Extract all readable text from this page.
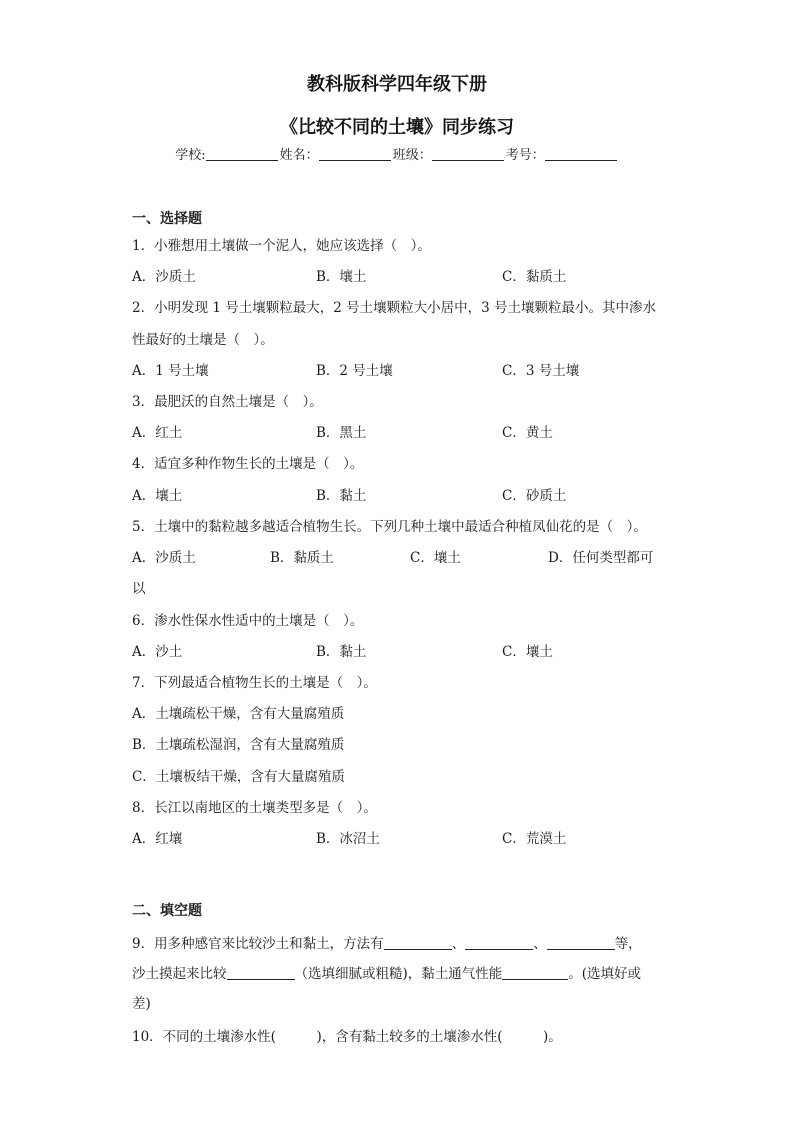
教科版科学四年级下册
《比较不同的土壤》同步练习
学校:	姓名：	班级：	考号：
一、选择题
1．小雅想用土壤做一个泥人，她应该选择（　）。
A．沙质土	B．壤土	C．黏质土
2．小明发现 1 号土壤颗粒最大，2 号土壤颗粒大小居中，3 号土壤颗粒最小。其中渗水
性最好的土壤是（　）。
A．1 号土壤	B．2 号土壤	C．3 号土壤
3．最肥沃的自然土壤是（　）。
A．红土	B．黑土	C．黄土
4．适宜多种作物生长的土壤是（　）。
A．壤土	B．黏土	C．砂质土
5．土壤中的黏粒越多越适合植物生长。下列几种土壤中最适合种植凤仙花的是（　）。
A．沙质土	B．黏质土	C．壤土	D．任何类型都可
以
6．渗水性保水性适中的土壤是（　）。
A．沙土	B．黏土	C．壤土
7．下列最适合植物生长的土壤是（　）。
A．土壤疏松干燥，含有大量腐殖质
B．土壤疏松湿润，含有大量腐殖质
C．土壤板结干燥，含有大量腐殖质
8．长江以南地区的土壤类型多是（　）。
A．红壤	B．冰沼土	C．荒漠土
二、填空题
9．用多种感官来比较沙土和黏土，方法有	、	、	等，
沙土摸起来比较	（选填细腻或粗糙)，黏土通气性能	。(选填好或
差)
10．不同的土壤渗水性(　　　)，含有黏土较多的土壤渗水性(　　　)。
